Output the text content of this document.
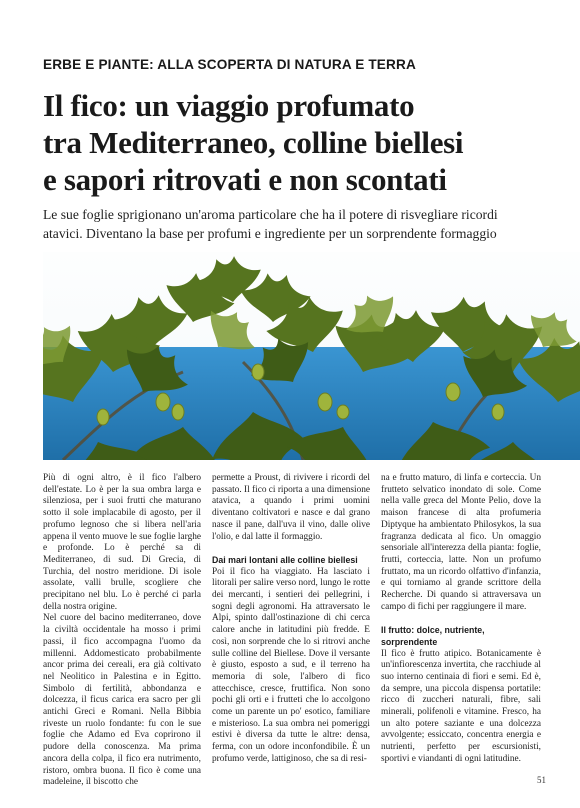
ERBE E PIANTE: ALLA SCOPERTA DI NATURA E TERRA
Il fico: un viaggio profumato
tra Mediterraneo, colline biellesi
e sapori ritrovati e non scontati
Le sue foglie sprigionano un'aroma particolare che ha il potere di risvegliare ricordi
atavici. Diventano la base per profumi e ingrediente per un sorprendente formaggio

Più di ogni altro, è il fico l'albero dell'estate. Lo è per la sua ombra larga e silenziosa, per i suoi frutti che maturano sotto il sole implacabile di agosto, per il profumo legnoso che si libera nell'aria appena il vento muove le sue foglie larghe e profonde. Lo è perché sa di Mediterraneo, di sud. Di Grecia, di Turchia, del nostro meridione. Di isole assolate, valli brulle, scogliere che precipitano nel blu. Lo è perché ci parla della nostra origine.

Nel cuore del bacino mediterraneo, dove la civiltà occidentale ha mosso i primi passi, il fico accompagna l'uomo da millenni. Addomesticato probabilmente ancor prima dei cereali, era già coltivato nel Neolitico in Palestina e in Egitto. Simbolo di fertilità, abbondanza e dolcezza, il ficus carica era sacro per gli antichi Greci e Romani. Nella Bibbia riveste un ruolo fondante: fu con le sue foglie che Adamo ed Eva coprirono il pudore della conoscenza. Ma prima ancora della colpa, il fico era nutrimento, ristoro, ombra buona. Il fico è come una madeleine, il biscotto che

permette a Proust, di rivivere i ricordi del passato. Il fico ci riporta a una dimensione atavica, a quando i primi uomini diventano coltivatori e nasce e dal grano nasce il pane, dall'uva il vino, dalle olive l'olio, e dal latte il formaggio.

Dai mari lontani alle colline biellesi

Poi il fico ha viaggiato. Ha lasciato i litorali per salire verso nord, lungo le rotte dei mercanti, i sentieri dei pellegrini, i sogni degli agronomi. Ha attraversato le Alpi, spinto dall'ostinazione di chi cerca calore anche in latitudini più fredde. E così, non sorprende che lo si ritrovi anche sulle colline del Biellese. Dove il versante è giusto, esposto a sud, e il terreno ha memoria di sole, l'albero di fico attecchisce, cresce, fruttifica. Non sono pochi gli orti e i frutteti che lo accolgono come un parente un po' esotico, familiare e misterioso. La sua ombra nei pomeriggi estivi è diversa da tutte le altre: densa, ferma, con un odore inconfondibile. È un profumo verde, lattiginoso, che sa di resi-

na e frutto maturo, di linfa e corteccia. Un frutteto selvatico inondato di sole. Come nella valle greca del Monte Pelio, dove la maison francese di alta profumeria Diptyque ha ambientato Philosykos, la sua fragranza dedicata al fico. Un omaggio sensoriale all'interezza della pianta: foglie, frutti, corteccia, latte. Non un profumo fruttato, ma un ricordo olfattivo d'infanzia, e qui torniamo al grande scrittore della Recherche. Di quando si attraversava un campo di fichi per raggiungere il mare.

Il frutto: dolce, nutriente, sorprendente

Il fico è frutto atipico. Botanicamente è un'infiorescenza invertita, che racchiude al suo interno centinaia di fiori e semi. Ed è, da sempre, una piccola dispensa portatile: ricco di zuccheri naturali, fibre, sali minerali, polifenoli e vitamine. Fresco, ha un alto potere saziante e una dolcezza avvolgente; essiccato, concentra energia e nutrienti, perfetto per escursionisti, sportivi e viandanti di ogni latitudine.

51
